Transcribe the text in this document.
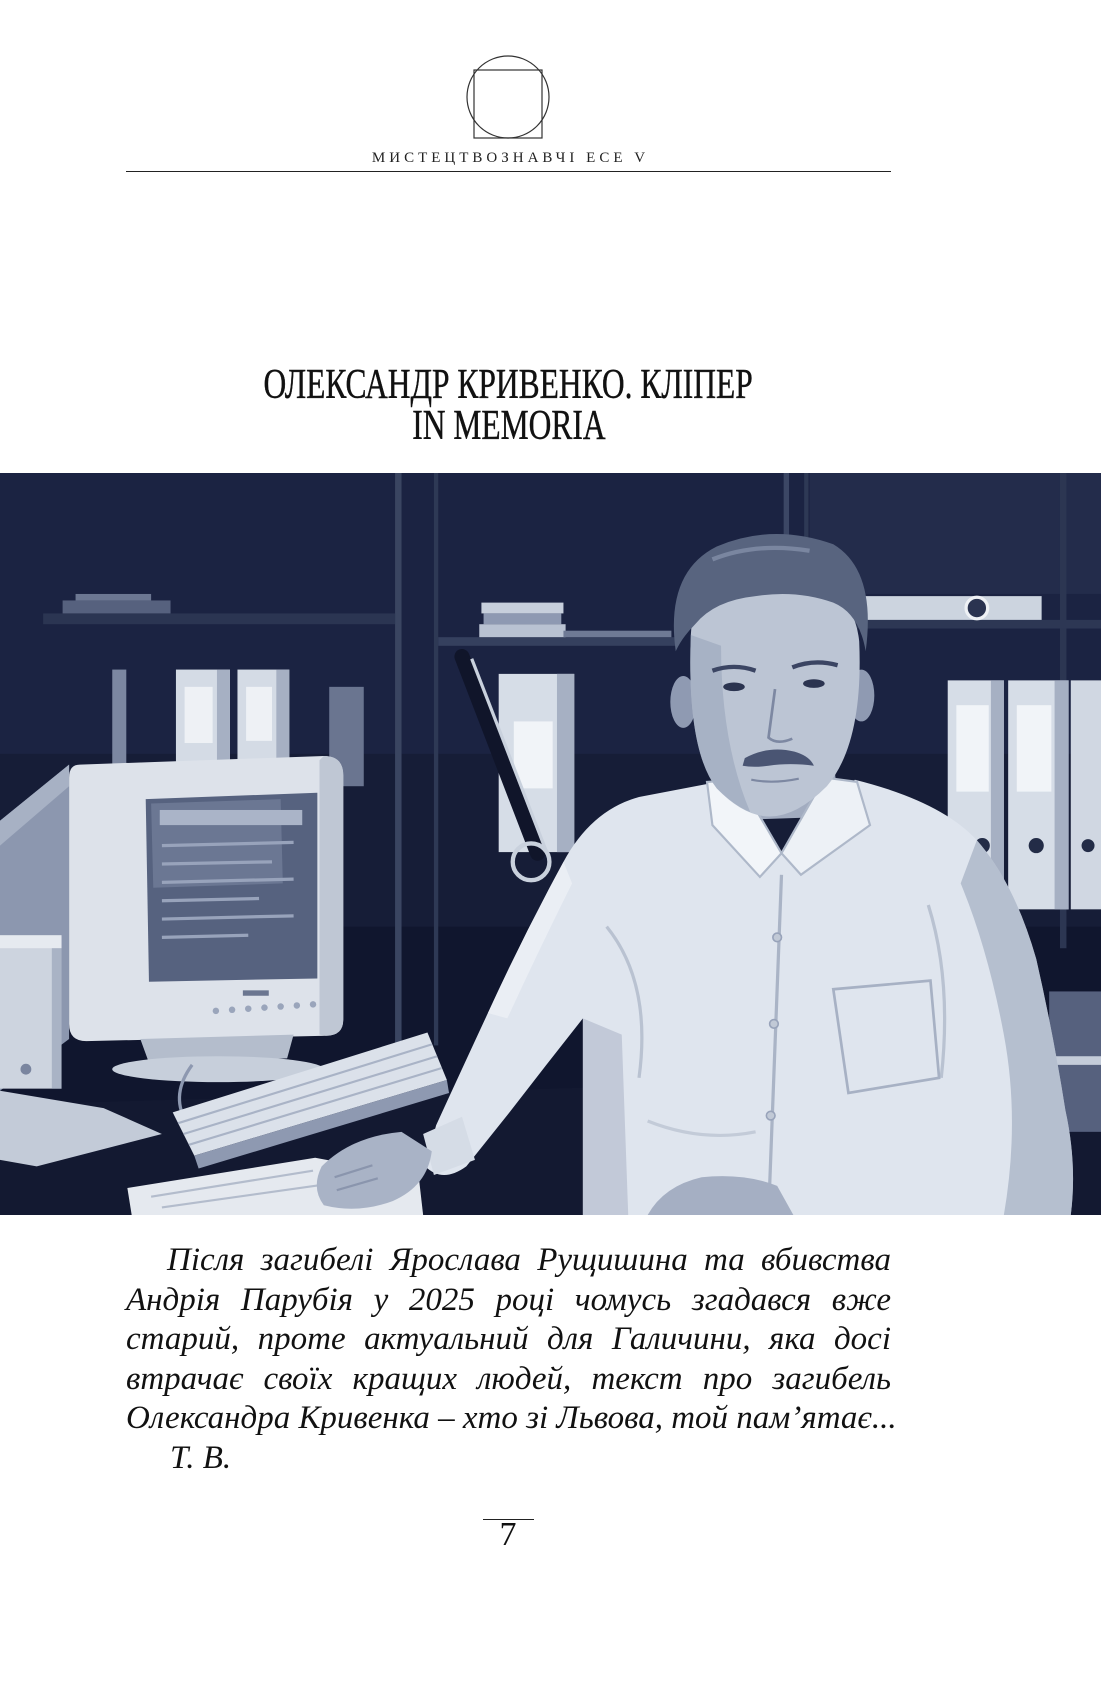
МИСТЕЦТВОЗНАВЧІ ЕСЕ V
ОЛЕКСАНДР КРИВЕНКО. КЛІПЕР
IN MEMORIA
Після загибелі Ярослава Рущишина та вбивства
Андрія Парубія у 2025 році чомусь згадався вже
старий, проте актуальний для Галичини, яка досі
втрачає своїх кращих людей, текст про загибель
Олександра Кривенка – хто зі Львова, той пам’ятає...
Т. В.
7
